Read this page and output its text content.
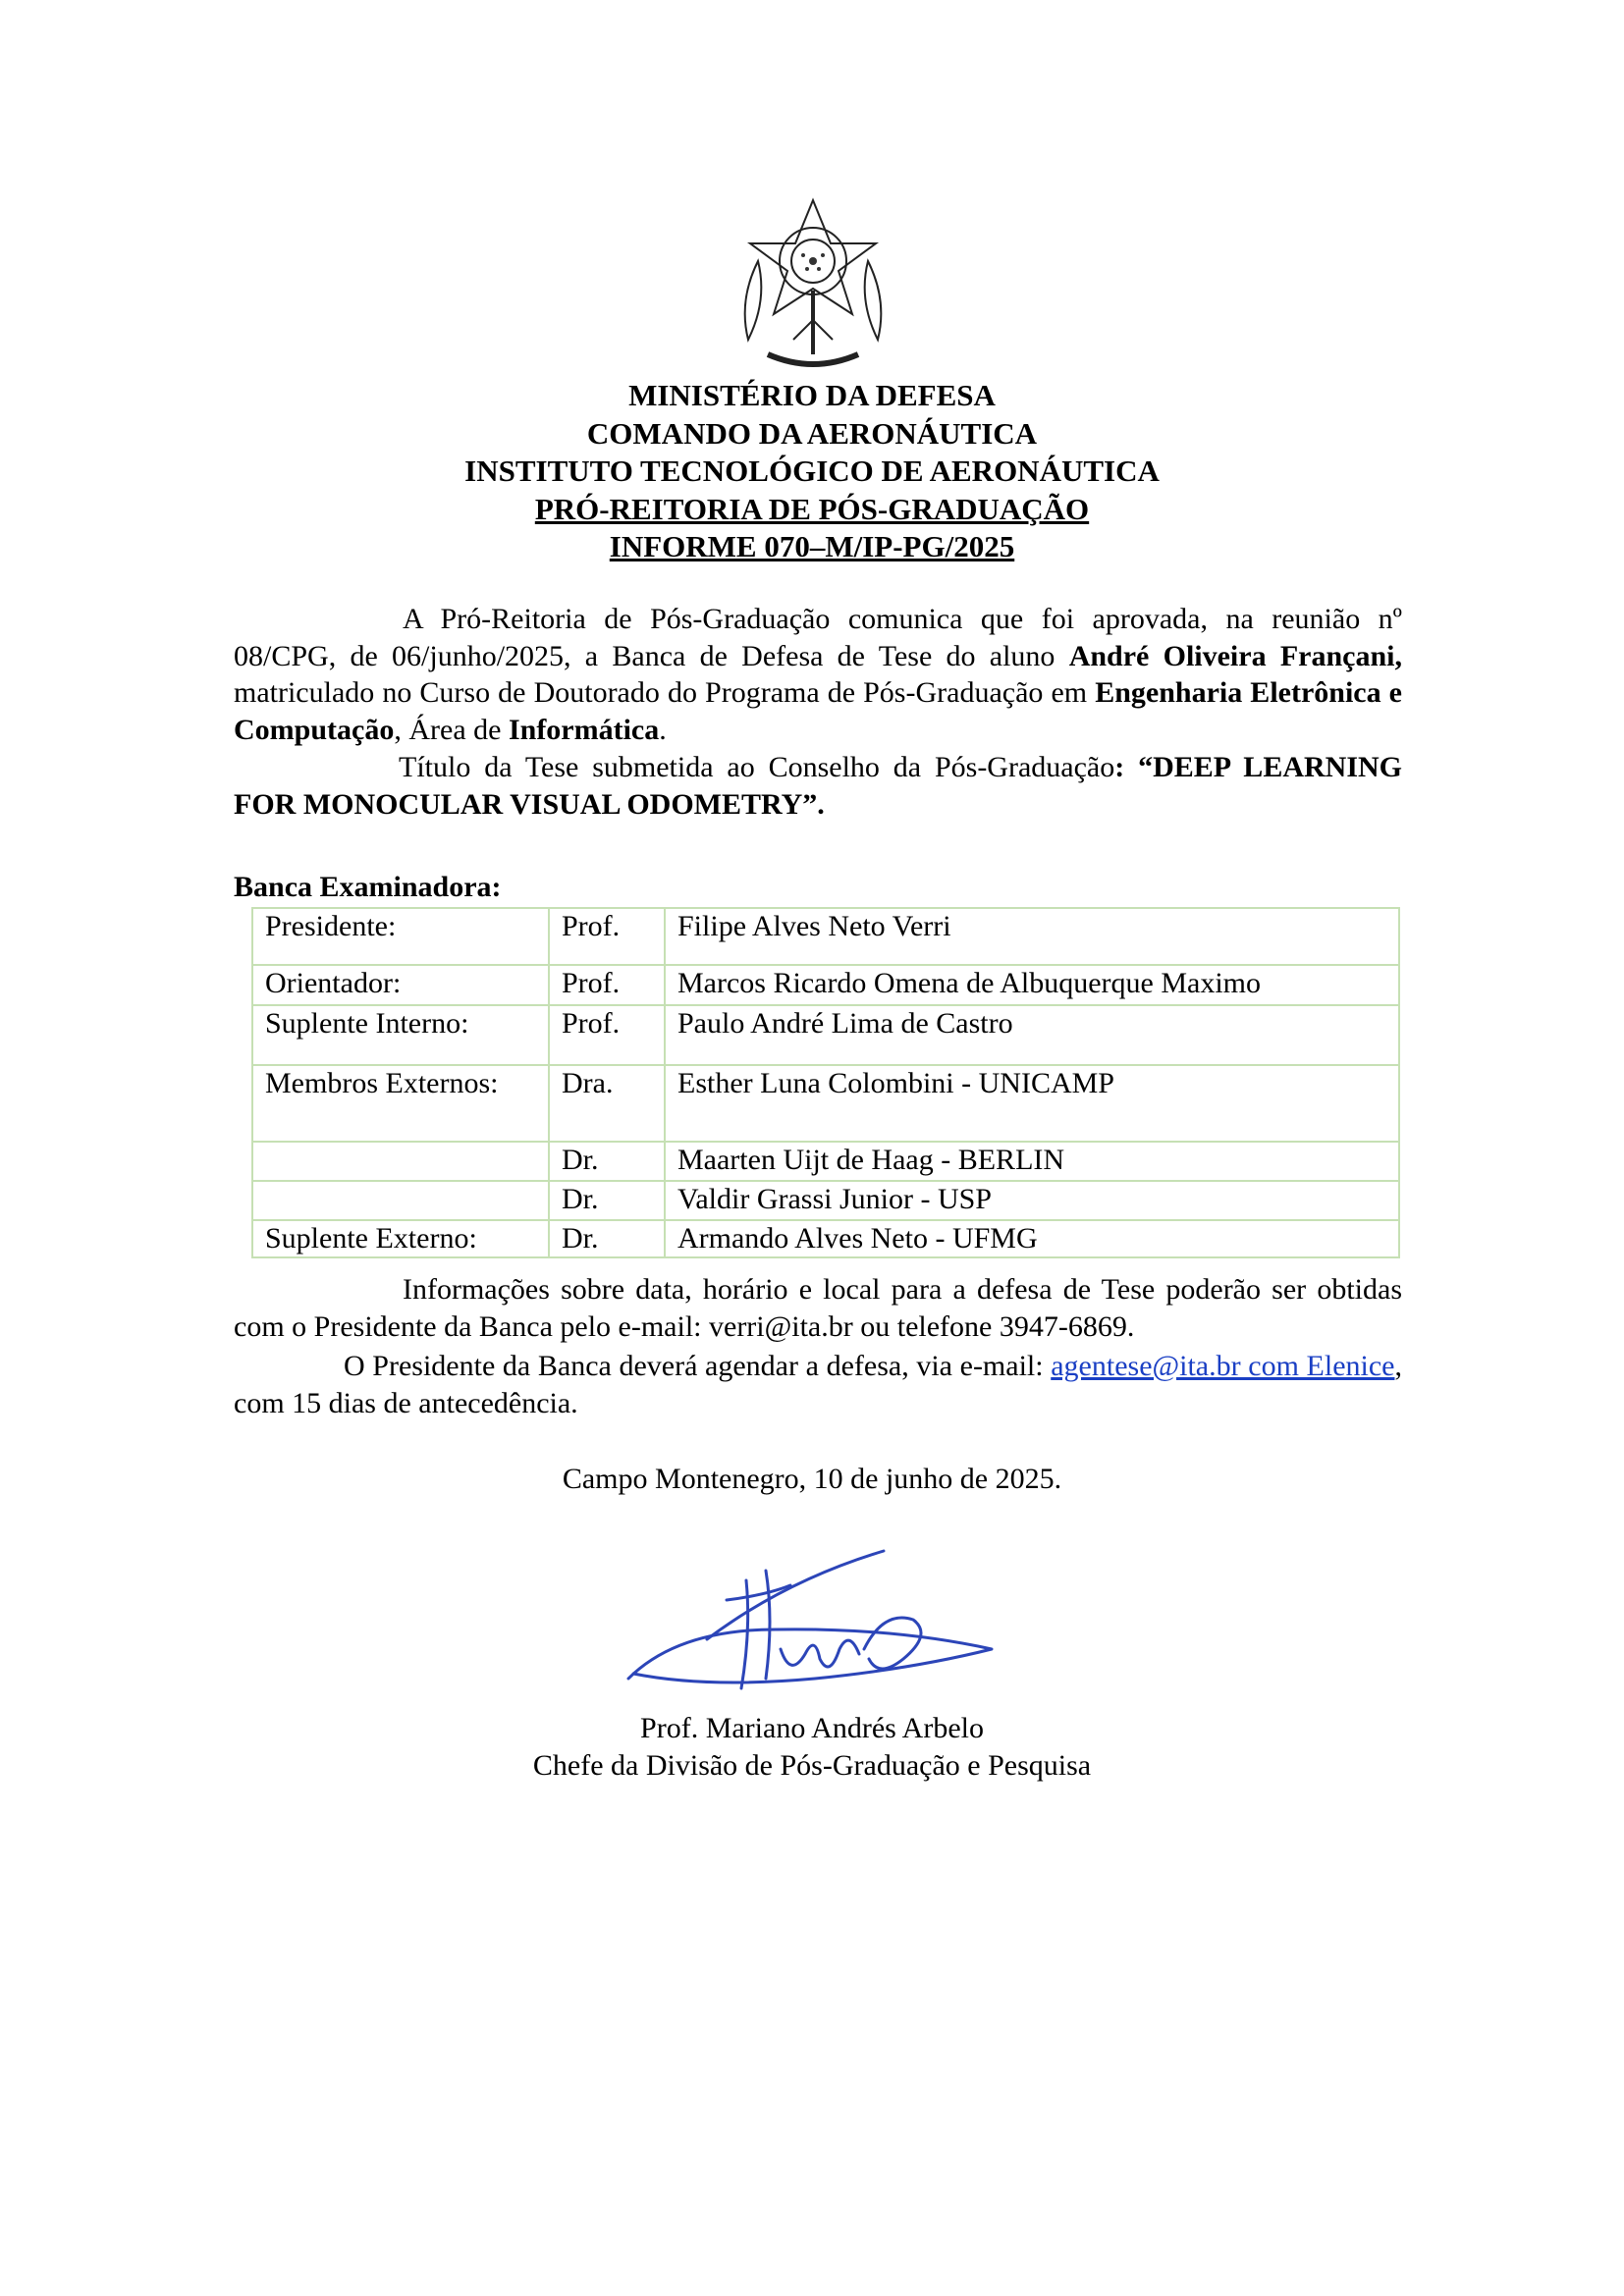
MINISTÉRIO DA DEFESA
COMANDO DA AERONÁUTICA
INSTITUTO TECNOLÓGICO DE AERONÁUTICA
PRÓ-REITORIA DE PÓS-GRADUAÇÃO
INFORME 070–M/IP-PG/2025
A Pró-Reitoria de Pós-Graduação comunica que foi aprovada, na reunião nº 08/CPG, de 06/junho/2025, a Banca de Defesa de Tese do aluno André Oliveira Françani, matriculado no Curso de Doutorado do Programa de Pós-Graduação em Engenharia Eletrônica e Computação, Área de Informática.
Título da Tese submetida ao Conselho da Pós-Graduação: “DEEP LEARNING FOR MONOCULAR VISUAL ODOMETRY”.
Banca Examinadora:
Presidente:	Prof.	Filipe Alves Neto Verri
Orientador:	Prof.	Marcos Ricardo Omena de Albuquerque Maximo
Suplente Interno:	Prof.	Paulo André Lima de Castro
Membros Externos:	Dra.	Esther Luna Colombini - UNICAMP
	Dr.	Maarten Uijt de Haag - BERLIN
	Dr.	Valdir Grassi Junior - USP
Suplente Externo:	Dr.	Armando Alves Neto - UFMG
Informações sobre data, horário e local para a defesa de Tese poderão ser obtidas com o Presidente da Banca pelo e-mail: verri@ita.br ou telefone 3947-6869.
O Presidente da Banca deverá agendar a defesa, via e-mail: agentese@ita.br com Elenice, com 15 dias de antecedência.
Campo Montenegro, 10 de junho de 2025.
Prof. Mariano Andrés Arbelo
Chefe da Divisão de Pós-Graduação e Pesquisa
